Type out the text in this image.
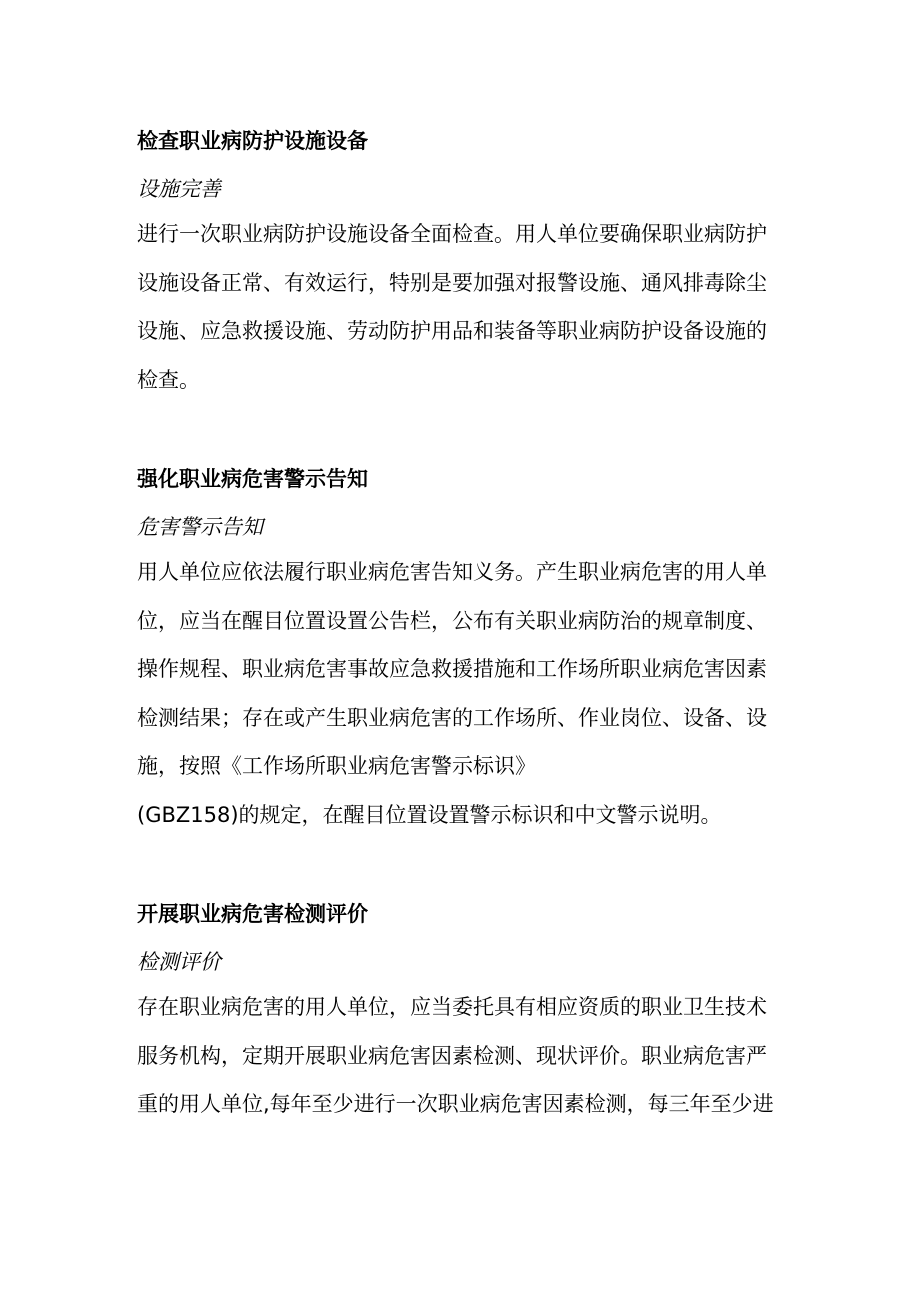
检查职业病防护设施设备
设施完善
进行一次职业病防护设施设备全面检查。用人单位要确保职业病防护
设施设备正常、有效运行，特别是要加强对报警设施、通风排毒除尘
设施、应急救援设施、劳动防护用品和装备等职业病防护设备设施的
检查。
强化职业病危害警示告知
危害警示告知
用人单位应依法履行职业病危害告知义务。产生职业病危害的用人单
位，应当在醒目位置设置公告栏，公布有关职业病防治的规章制度、
操作规程、职业病危害事故应急救援措施和工作场所职业病危害因素
检测结果；存在或产生职业病危害的工作场所、作业岗位、设备、设
施，按照《工作场所职业病危害警示标识》
(GBZ158)的规定，在醒目位置设置警示标识和中文警示说明。
开展职业病危害检测评价
检测评价
存在职业病危害的用人单位，应当委托具有相应资质的职业卫生技术
服务机构，定期开展职业病危害因素检测、现状评价。职业病危害严
重的用人单位,每年至少进行一次职业病危害因素检测，每三年至少进
